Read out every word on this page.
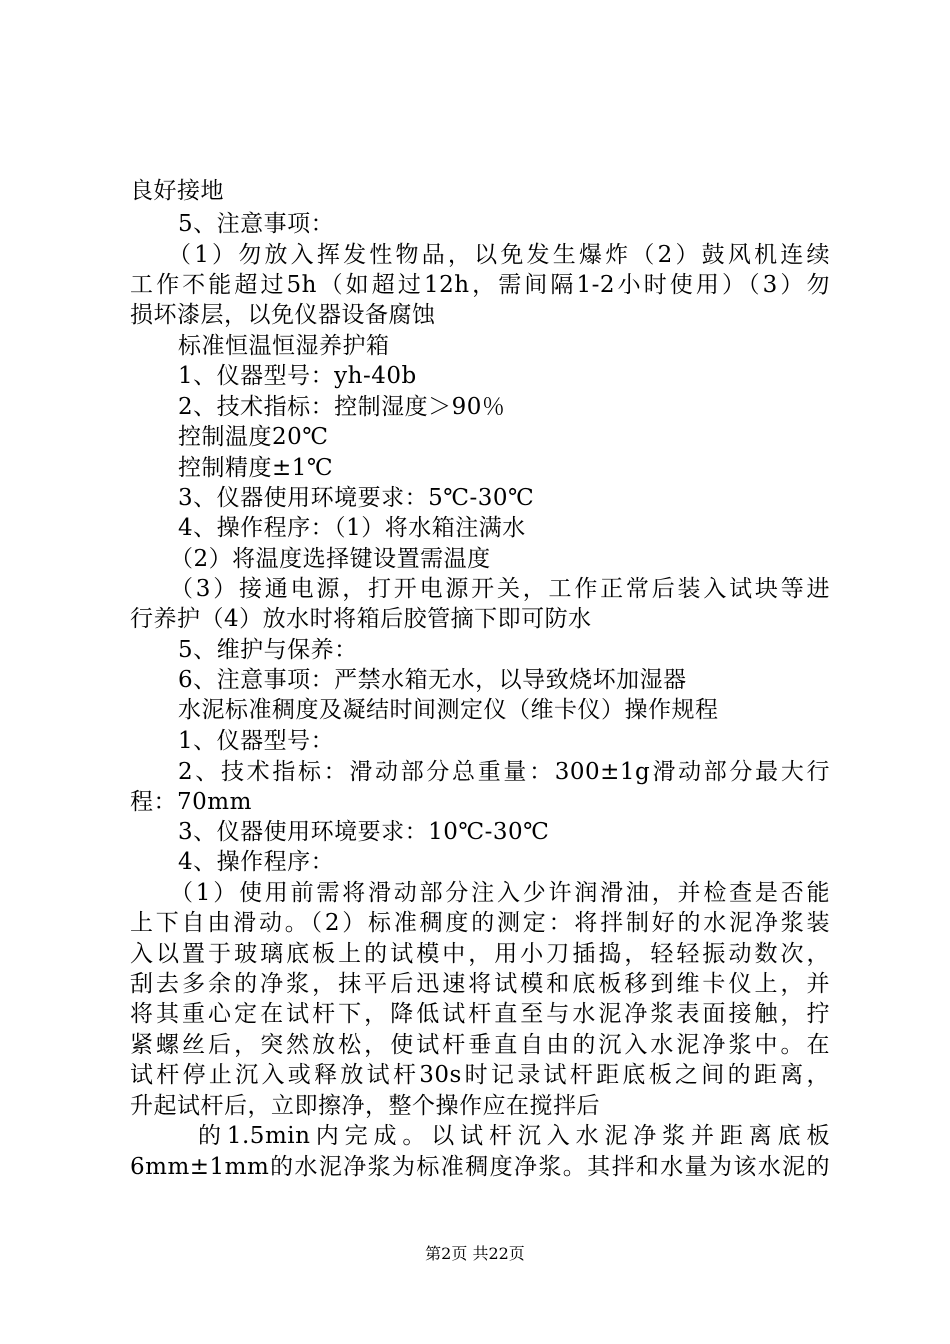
良好接地
5、注意事项：
（1）勿放入挥发性物品，以免发生爆炸（2）鼓风机连续
工作不能超过5h（如超过12h，需间隔1-2小时使用）（3）勿
损坏漆层，以免仪器设备腐蚀
标准恒温恒湿养护箱
1、仪器型号：yh-40b
2、技术指标：控制湿度＞90％
控制温度20℃
控制精度±1℃
3、仪器使用环境要求：5℃-30℃
4、操作程序：（1）将水箱注满水
（2）将温度选择键设置需温度
（3）接通电源，打开电源开关，工作正常后装入试块等进
行养护（4）放水时将箱后胶管摘下即可防水
5、维护与保养：
6、注意事项：严禁水箱无水，以导致烧坏加湿器
水泥标准稠度及凝结时间测定仪（维卡仪）操作规程
1、仪器型号：
2、技术指标：滑动部分总重量：300±1g滑动部分最大行
程：70mm
3、仪器使用环境要求：10℃-30℃
4、操作程序：
（1）使用前需将滑动部分注入少许润滑油，并检查是否能
上下自由滑动。（2）标准稠度的测定：将拌制好的水泥净浆装
入以置于玻璃底板上的试模中，用小刀插捣，轻轻振动数次，
刮去多余的净浆，抹平后迅速将试模和底板移到维卡仪上，并
将其重心定在试杆下，降低试杆直至与水泥净浆表面接触，拧
紧螺丝后，突然放松，使试杆垂直自由的沉入水泥净浆中。在
试杆停止沉入或释放试杆30s时记录试杆距底板之间的距离，
升起试杆后，立即擦净，整个操作应在搅拌后
的1.5min内完成。以试杆沉入水泥净浆并距离底板
6mm±1mm的水泥净浆为标准稠度净浆。其拌和水量为该水泥的
第2页 共22页
